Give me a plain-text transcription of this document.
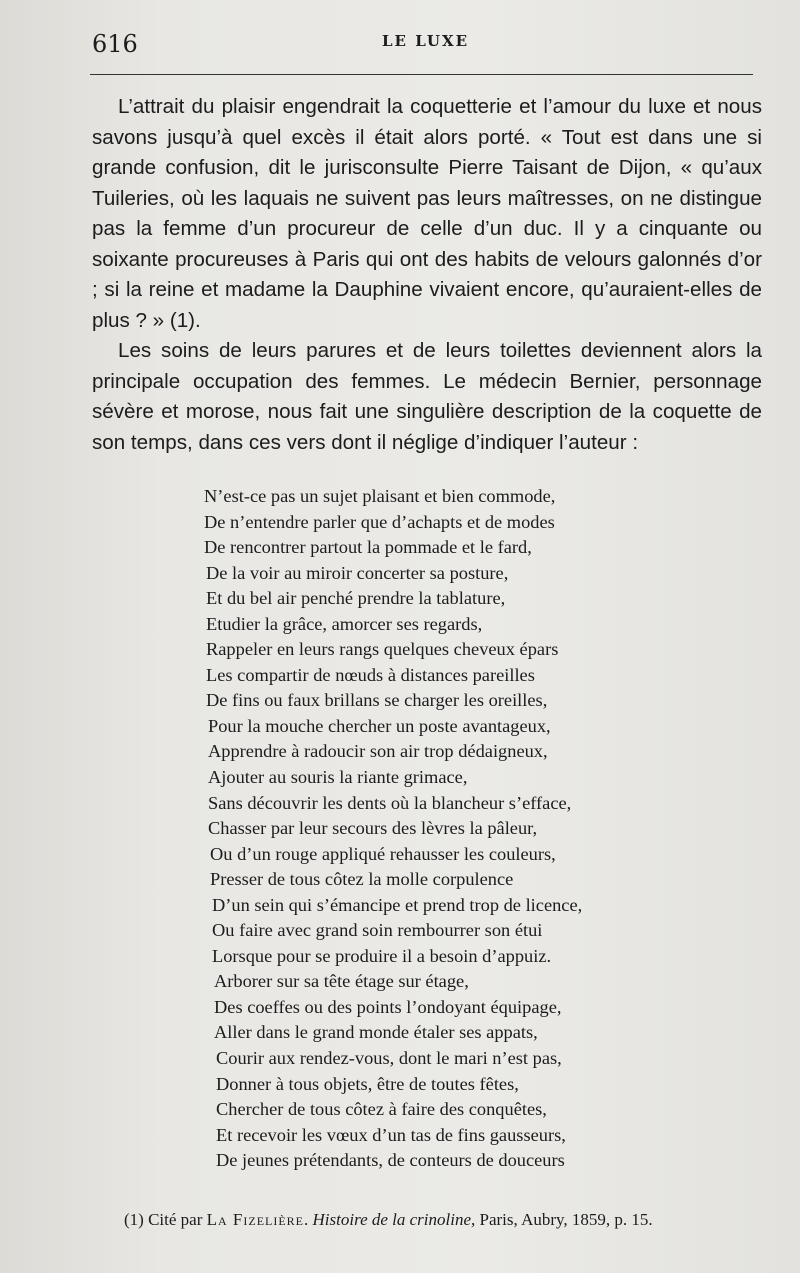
616	LE LUXE

L’attrait du plaisir engendrait la coquetterie et l’amour du luxe et nous savons jusqu’à quel excès il était alors porté. « Tout est dans une si grande confusion, dit le jurisconsulte Pierre Taisant de Dijon, « qu’aux Tuileries, où les laquais ne suivent pas leurs maîtresses, on ne distingue pas la femme d’un procureur de celle d’un duc. Il y a cinquante ou soixante procureuses à Paris qui ont des habits de velours galonnés d’or ; si la reine et madame la Dauphine vivaient encore, qu’auraient-elles de plus ? » (1).

Les soins de leurs parures et de leurs toilettes deviennent alors la principale occupation des femmes. Le médecin Bernier, personnage sévère et morose, nous fait une singulière description de la coquette de son temps, dans ces vers dont il néglige d’indiquer l’auteur :

N’est-ce pas un sujet plaisant et bien commode,
De n’entendre parler que d’achapts et de modes
De rencontrer partout la pommade et le fard,
De la voir au miroir concerter sa posture,
Et du bel air penché prendre la tablature,
Etudier la grâce, amorcer ses regards,
Rappeler en leurs rangs quelques cheveux épars
Les compartir de nœuds à distances pareilles
De fins ou faux brillans se charger les oreilles,
Pour la mouche chercher un poste avantageux,
Apprendre à radoucir son air trop dédaigneux,
Ajouter au souris la riante grimace,
Sans découvrir les dents où la blancheur s’efface,
Chasser par leur secours des lèvres la pâleur,
Ou d’un rouge appliqué rehausser les couleurs,
Presser de tous côtez la molle corpulence
D’un sein qui s’émancipe et prend trop de licence,
Ou faire avec grand soin rembourrer son étui
Lorsque pour se produire il a besoin d’appuiz.
Arborer sur sa tête étage sur étage,
Des coeffes ou des points l’ondoyant équipage,
Aller dans le grand monde étaler ses appats,
Courir aux rendez-vous, dont le mari n’est pas,
Donner à tous objets, être de toutes fêtes,
Chercher de tous côtez à faire des conquêtes,
Et recevoir les vœux d’un tas de fins gausseurs,
De jeunes prétendants, de conteurs de douceurs
(1) Cité par La Fizelière. Histoire de la crinoline, Paris, Aubry, 1859, p. 15.
